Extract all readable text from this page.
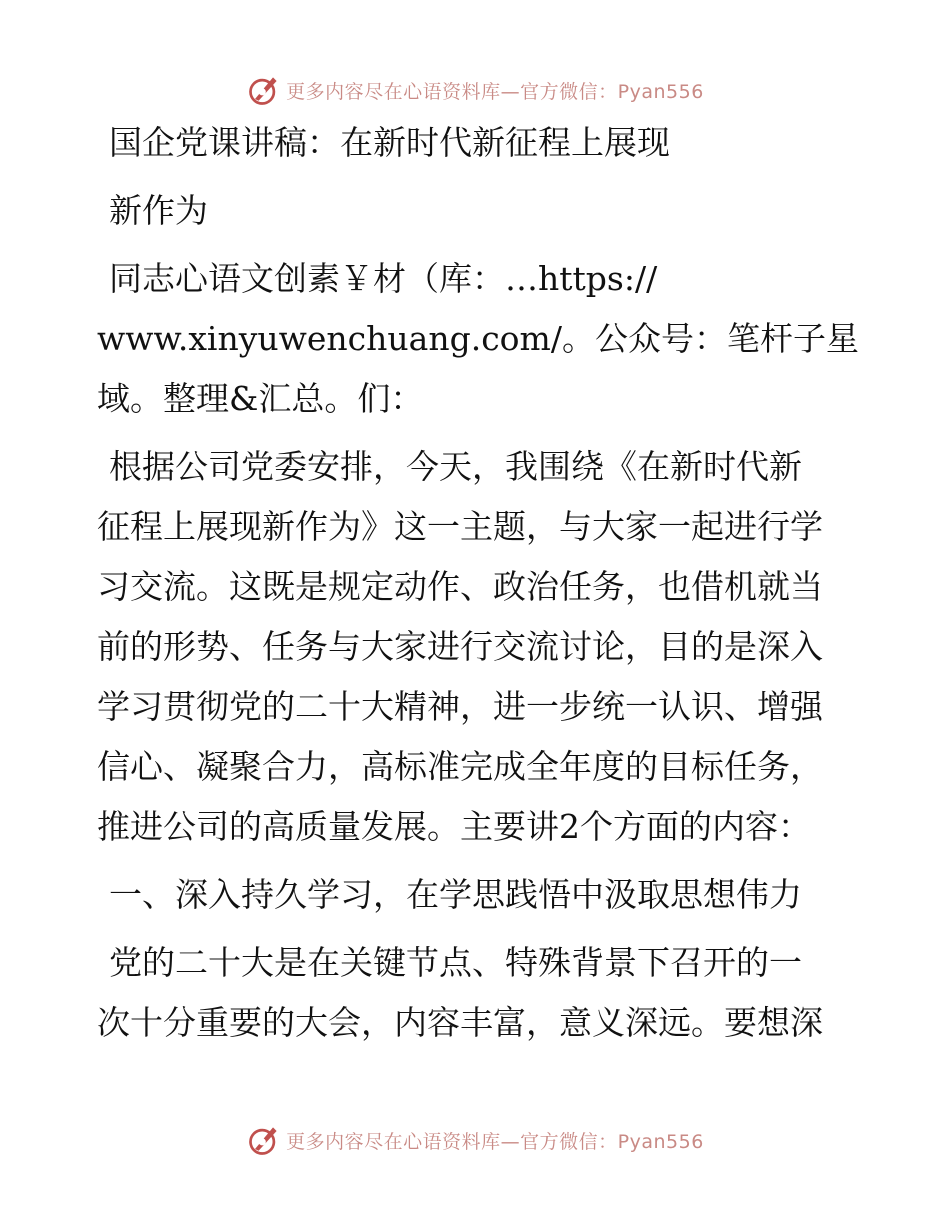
更多内容尽在心语资料库—官方微信：Pyan556
国企党课讲稿：在新时代新征程上展现
新作为
同志心语文创素￥材（库：…https://
www.xinyuwenchuang.com/。公众号：笔杆子星
域。整理&汇总。们：
根据公司党委安排，今天，我围绕《在新时代新
征程上展现新作为》这一主题，与大家一起进行学
习交流。这既是规定动作、政治任务，也借机就当
前的形势、任务与大家进行交流讨论，目的是深入
学习贯彻党的二十大精神，进一步统一认识、增强
信心、凝聚合力，高标准完成全年度的目标任务，
推进公司的高质量发展。主要讲2个方面的内容：
一、深入持久学习，在学思践悟中汲取思想伟力
党的二十大是在关键节点、特殊背景下召开的一
次十分重要的大会，内容丰富，意义深远。要想深
更多内容尽在心语资料库—官方微信：Pyan556
